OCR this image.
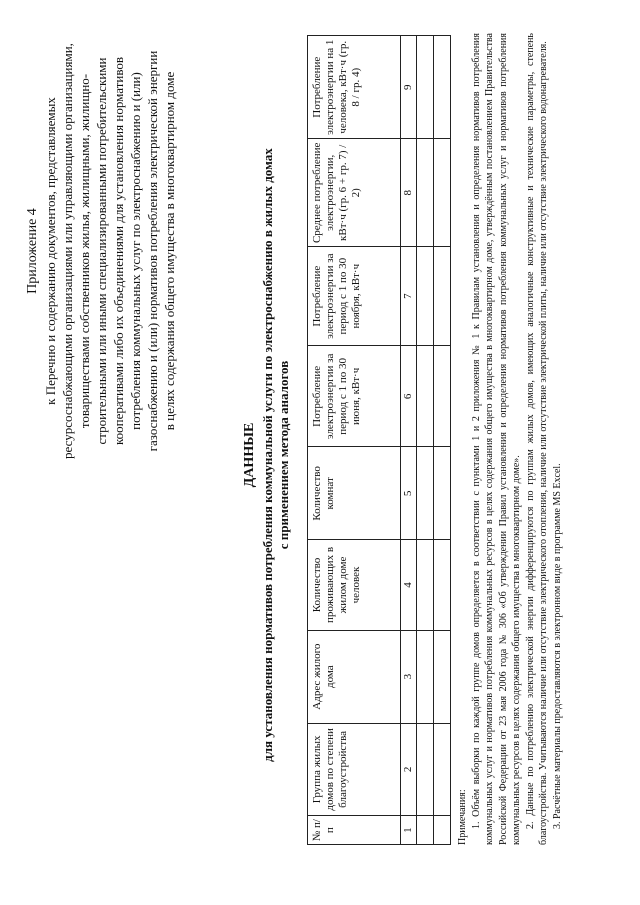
Приложение 4 к Перечню и содержанию документов, представляемых ресурсоснабжающими организациями или управляющими организациями, товариществами собственников жилья, жилищными, жилищно- строительными или иными специализированными потребительскими кооперативами либо их объединениями для установления нормативов потребления коммунальных услуг по электроснабжению и (или) газоснабжению и (или) нормативов потребления электрической энергии в целях содержания общего имущества в многоквартирном доме
ДАННЫЕ для установления нормативов потребления коммунальной услуги по электроснабжению в жилых домах с применением метода аналогов
№ п/п	Группа жилых домов по степени благоустройства	Адрес жилого дома	Количество проживающих в жилом доме человек	Количество комнат	Потребление электроэнергии за период с 1 по 30 июня, кВт·ч	Потребление электроэнергии за период с 1 по 30 ноября, кВт·ч	Среднее потребление электроэнергии, кВт·ч (гр. 6 + гр. 7) / 2)	Потребление электроэнергии на 1 человека, кВт·ч (гр. 8 / гр. 4)
1	2	3	4	5	6	7	8	9

Примечания: 1. Объём выборки по каждой группе домов определяется в соответствии с пунктами 1 и 2 приложения № 1 к Правилам установления и определения нормативов потребления коммунальных услуг и нормативов потребления коммунальных ресурсов в целях содержания общего имущества в многоквартирном доме, утверждённым постановлением Правительства Российской Федерации от 23 мая 2006 года № 306 «Об утверждении Правил установления и определения нормативов потребления коммунальных услуг и нормативов потребления коммунальных ресурсов в целях содержания общего имущества в многоквартирном доме». 2. Данные по потреблению электрической энергии дифференцируются по группам жилых домов, имеющих аналогичные конструктивные и технические параметры, степень благоустройства. Учитываются наличие или отсутствие электрического отопления, наличие или отсутствие электрической плиты, наличие или отсутствие электрического водонагревателя. 3. Расчётные материалы предоставляются в электронном виде в программе MS Excel.
